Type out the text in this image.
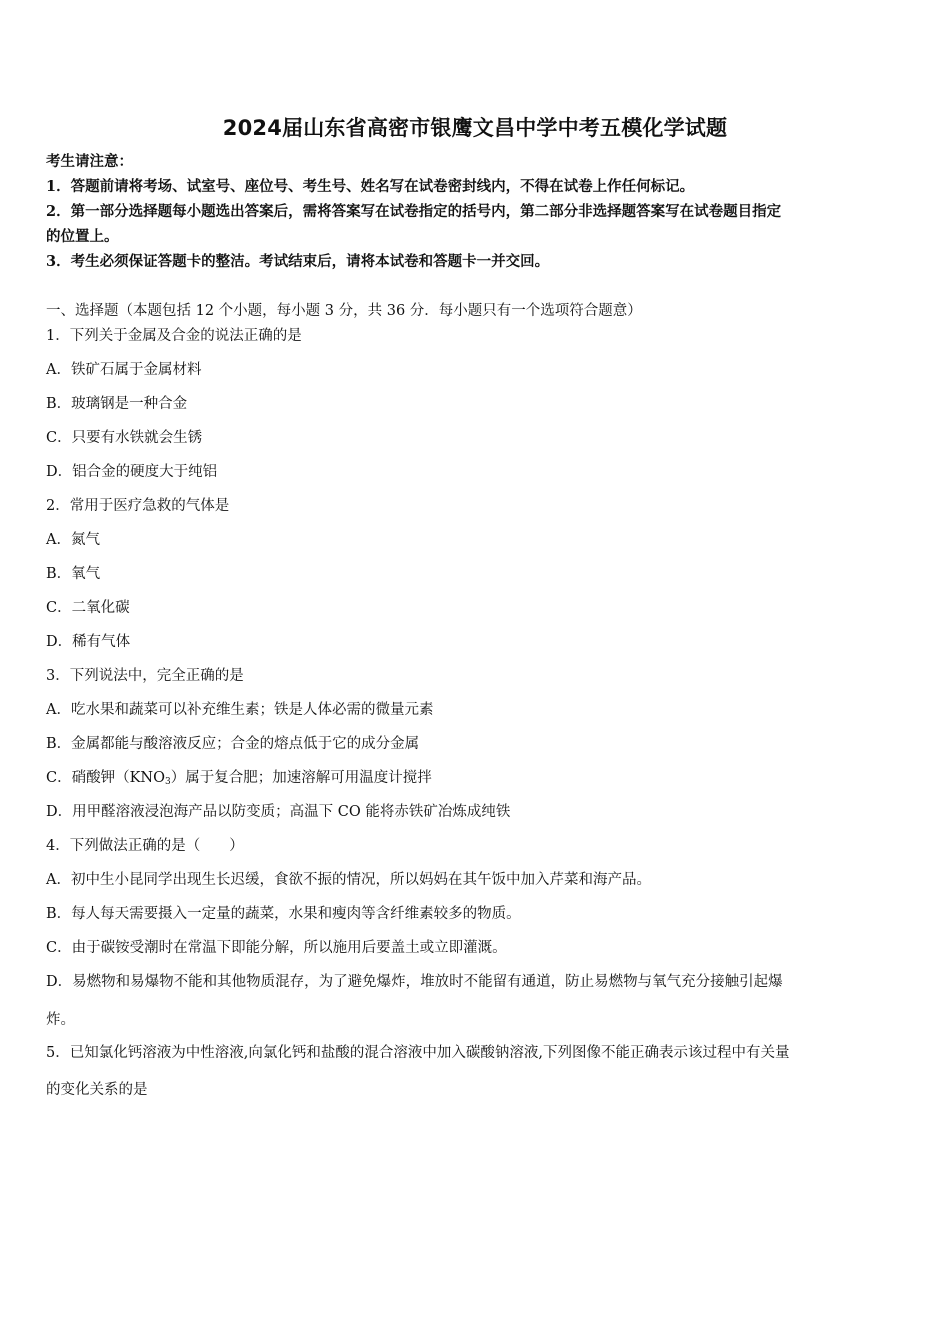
2024届山东省高密市银鹰文昌中学中考五模化学试题
考生请注意：
1．答题前请将考场、试室号、座位号、考生号、姓名写在试卷密封线内，不得在试卷上作任何标记。
2．第一部分选择题每小题选出答案后，需将答案写在试卷指定的括号内，第二部分非选择题答案写在试卷题目指定
的位置上。
3．考生必须保证答题卡的整洁。考试结束后，请将本试卷和答题卡一并交回。
一、选择题（本题包括 12 个小题，每小题 3 分，共 36 分．每小题只有一个选项符合题意）
1．下列关于金属及合金的说法正确的是
A．铁矿石属于金属材料
B．玻璃钢是一种合金
C．只要有水铁就会生锈
D．铝合金的硬度大于纯铝
2．常用于医疗急救的气体是
A．氮气
B．氧气
C．二氧化碳
D．稀有气体
3．下列说法中，完全正确的是
A．吃水果和蔬菜可以补充维生素；铁是人体必需的微量元素
B．金属都能与酸溶液反应；合金的熔点低于它的成分金属
C．硝酸钾$(KNO_3)$属于复合肥；加速溶解可用温度计搅拌
D．用甲醛溶液浸泡海产品以防变质；高温下 CO 能将赤铁矿冶炼成纯铁
4．下列做法正确的是（　　）
A．初中生小昆同学出现生长迟缓，食欲不振的情况，所以妈妈在其午饭中加入芹菜和海产品。
B．每人每天需要摄入一定量的蔬菜，水果和瘦肉等含纤维素较多的物质。
C．由于碳铵受潮时在常温下即能分解，所以施用后要盖土或立即灌溉。
D．易燃物和易爆物不能和其他物质混存，为了避免爆炸，堆放时不能留有通道，防止易燃物与氧气充分接触引起爆
炸。
5．已知氯化钙溶液为中性溶液,向氯化钙和盐酸的混合溶液中加入碳酸钠溶液,下列图像不能正确表示该过程中有关量
的变化关系的是
